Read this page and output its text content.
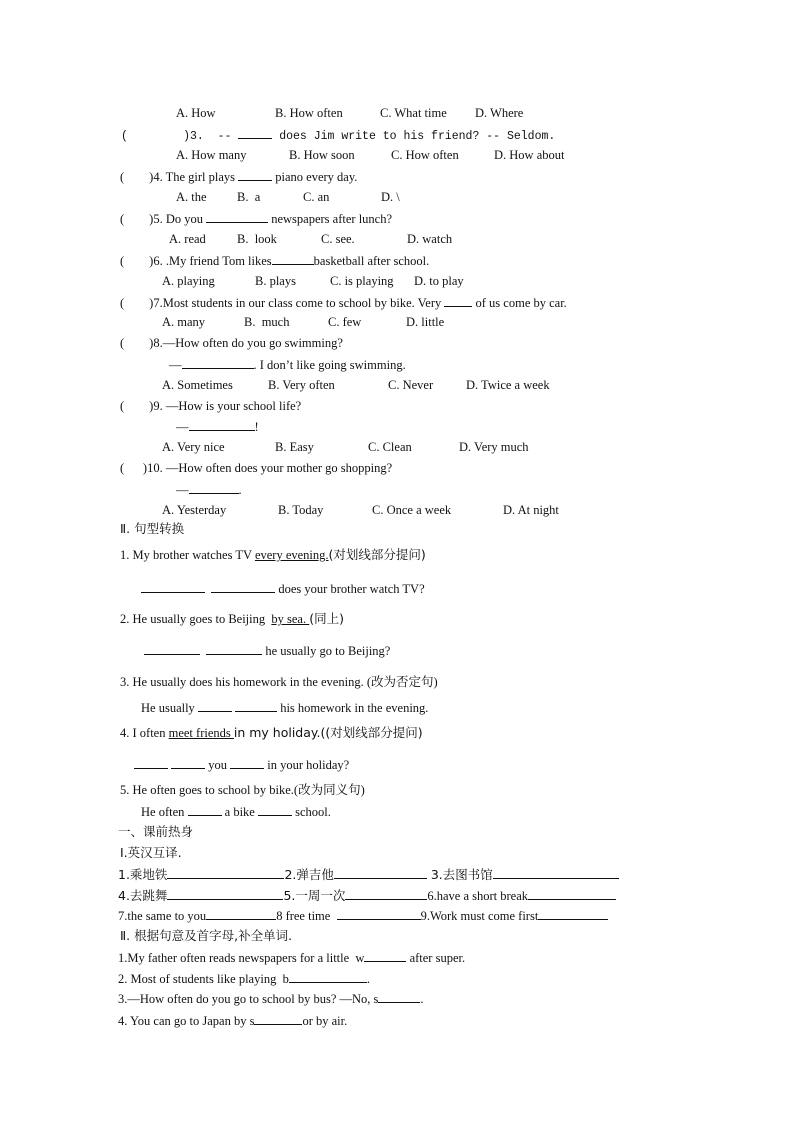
A. How	B. How often	C. What time D. Where
(        )3.  --	does Jim write to his friend? -- Seldom.
A. How many	B. How soon	C. How often	D. How about
(        )4. The girl plays	piano every day.
A. the B.  a	C. an	D. \
(        )5. Do you	newspapers after lunch?
A. read B.  look	C. see.	D. watch
(        )6. .My friend Tom likes	basketball after school.
A. playing	B. plays	C. is playing D. to play
(        )7.Most students in our class come to school by bike. Very  of us come by car.
A. many	B.  much	C. few	D. little
(        )8.—How often do you go swimming?
—	. I don’t like going swimming.
A. Sometimes	B. Very often	C. Never	D. Twice a week
(        )9. —How is your school life?
—	!
A. Very nice	B. Easy	C. Clean	D. Very much
(      )10. —How often does your mother go shopping?
—	.
A. Yesterday	B. Today	C. Once a week	D. At night
Ⅱ. 句型转换
1. My brother watches TV every evening.(对划线部分提问)
does your brother watch TV?
2. He usually goes to Beijing  by sea. (同上)
he usually go to Beijing?
3. He usually does his homework in the evening. (改为否定句)
He usually	his homework in the evening.
4. I often meet friends in my holiday.((对划线部分提问)
you	in your holiday?
5. He often goes to school by bike.(改为同义句)
He often	a bike	school.
一、课前热身
Ⅰ.英汉互译.
1.乘地铁	2.弹吉他	3.去图书馆
4.去跳舞	5.一周一次	6.have a short break
7.the same to you	8 free time	9.Work must come first
Ⅱ. 根据句意及首字母,补全单词.
1.My father often reads newspapers for a little  w	after super.
2. Most of students like playing  b	.
3.—How often do you go to school by bus? —No, s	.
4. You can go to Japan by s	or by air.
